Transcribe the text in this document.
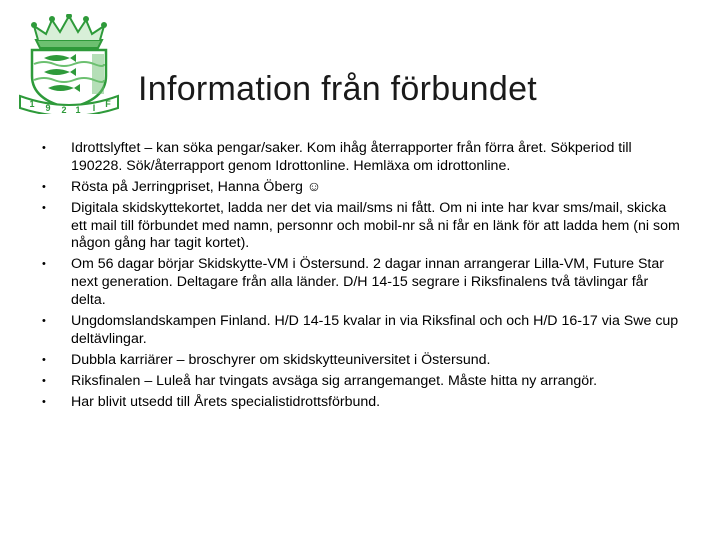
1 9 2 1 I F Information från förbundet
• Idrottslyftet – kan söka pengar/saker. Kom ihåg återrapporter från förra året. Sökperiod till 190228. Sök/återrapport genom Idrottonline. Hemläxa om idrottonline.
• Rösta på Jerringpriset, Hanna Öberg ☺
• Digitala skidskyttekortet, ladda ner det via mail/sms ni fått. Om ni inte har kvar sms/mail, skicka ett mail till förbundet med namn, personnr och mobil-nr så ni får en länk för att ladda hem (ni som någon gång har tagit kortet).
• Om 56 dagar börjar Skidskytte-VM i Östersund. 2 dagar innan arrangerar Lilla-VM, Future Star next generation. Deltagare från alla länder. D/H 14-15 segrare i Riksfinalens två tävlingar får delta.
• Ungdomslandskampen Finland. H/D 14-15 kvalar in via Riksfinal och och H/D 16-17 via Swe cup deltävlingar.
• Dubbla karriärer – broschyrer om skidskytteuniversitet i Östersund.
• Riksfinalen – Luleå har tvingats avsäga sig arrangemanget. Måste hitta ny arrangör.
• Har blivit utsedd till Årets specialistidrottsförbund.
